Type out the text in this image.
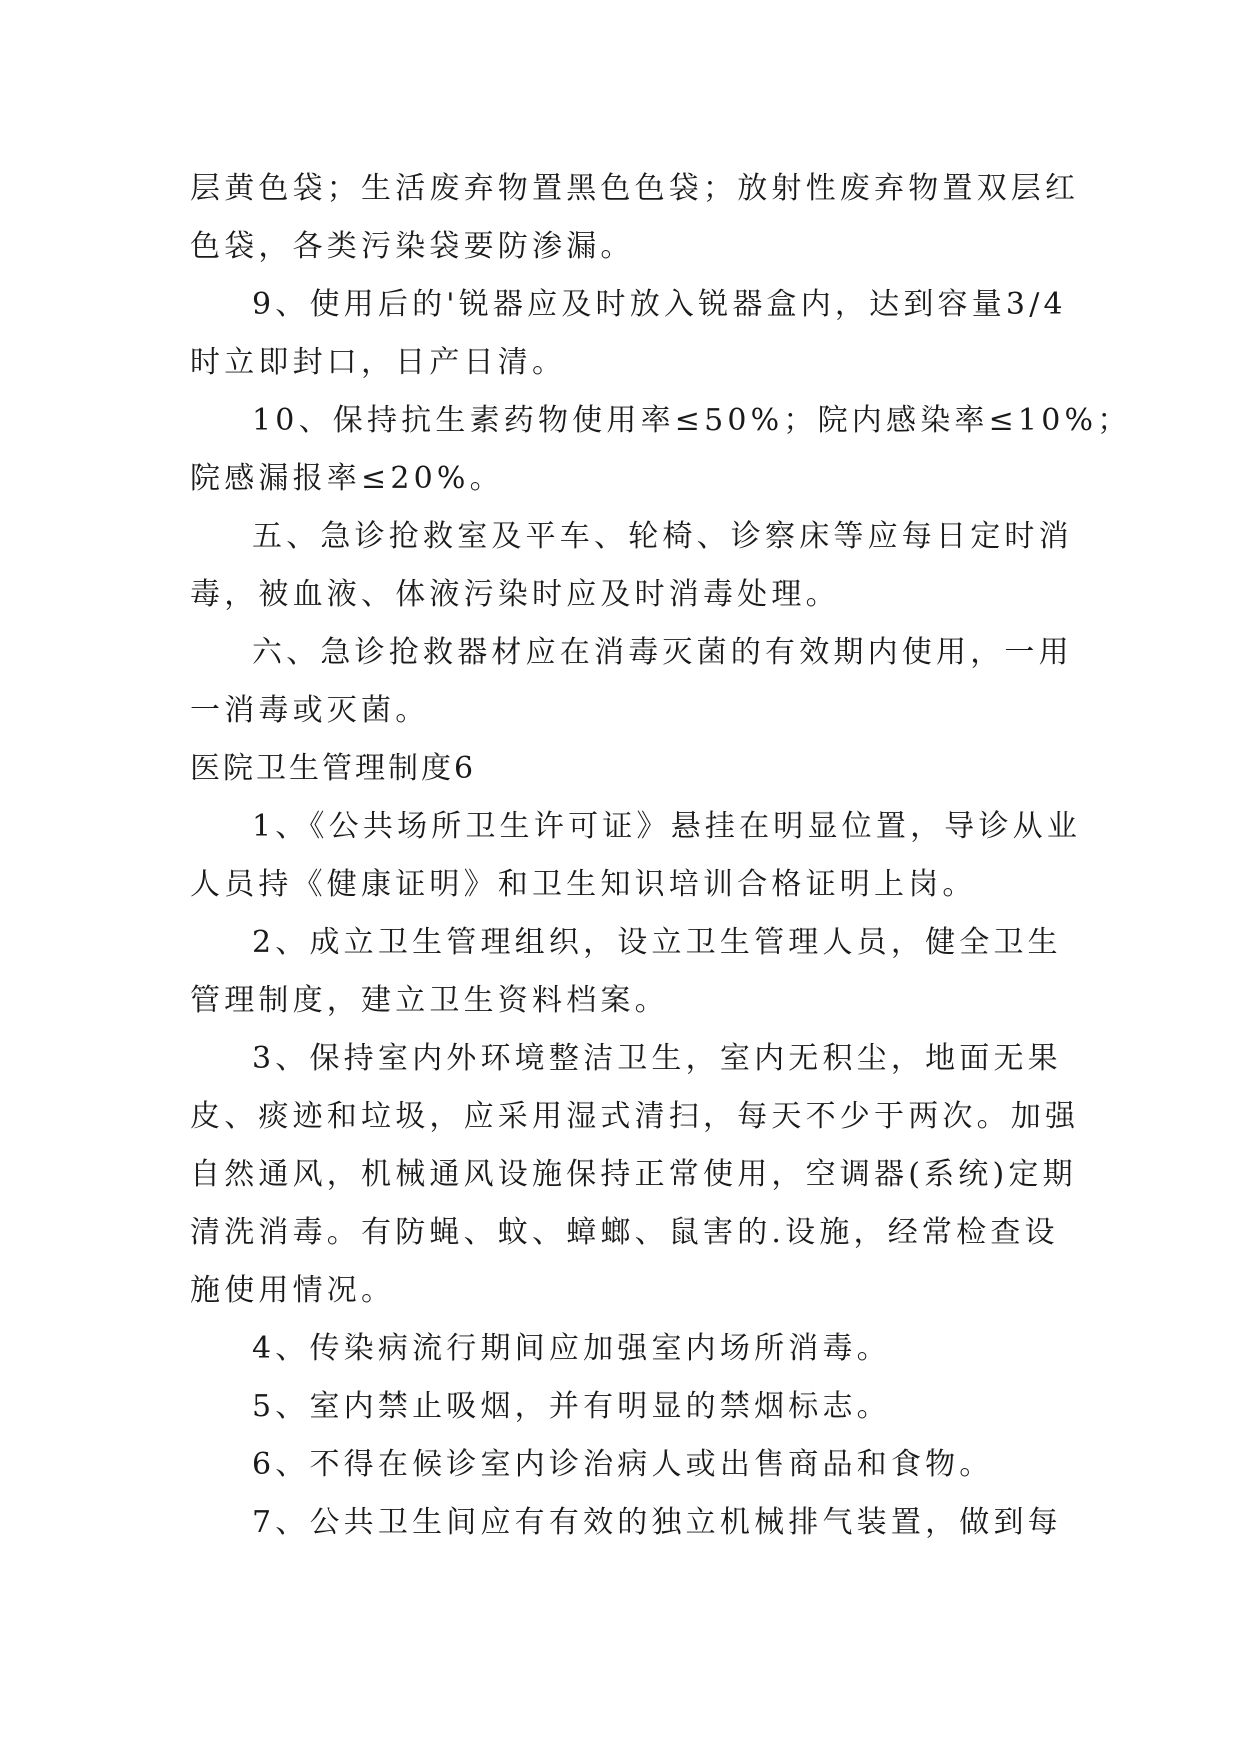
层黄色袋；生活废弃物置黑色色袋；放射性废弃物置双层红
色袋，各类污染袋要防渗漏。
9、使用后的'锐器应及时放入锐器盒内，达到容量3/4
时立即封口，日产日清。
10、保持抗生素药物使用率≤50%；院内感染率≤10%；
院感漏报率≤20%。
五、急诊抢救室及平车、轮椅、诊察床等应每日定时消
毒，被血液、体液污染时应及时消毒处理。
六、急诊抢救器材应在消毒灭菌的有效期内使用，一用
一消毒或灭菌。
医院卫生管理制度6
1、《公共场所卫生许可证》悬挂在明显位置，导诊从业
人员持《健康证明》和卫生知识培训合格证明上岗。
2、成立卫生管理组织，设立卫生管理人员，健全卫生
管理制度，建立卫生资料档案。
3、保持室内外环境整洁卫生，室内无积尘，地面无果
皮、痰迹和垃圾，应采用湿式清扫，每天不少于两次。加强
自然通风，机械通风设施保持正常使用，空调器(系统)定期
清洗消毒。有防蝇、蚊、蟑螂、鼠害的.设施，经常检查设
施使用情况。
4、传染病流行期间应加强室内场所消毒。
5、室内禁止吸烟，并有明显的禁烟标志。
6、不得在候诊室内诊治病人或出售商品和食物。
7、公共卫生间应有有效的独立机械排气装置，做到每
